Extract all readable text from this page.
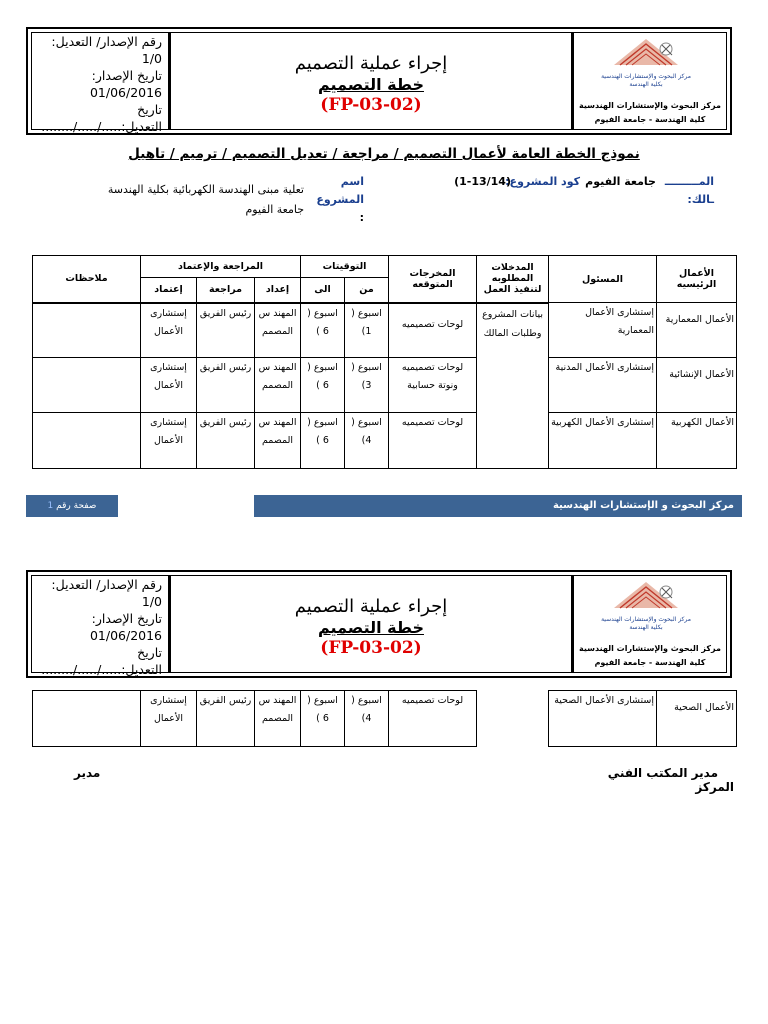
رقم الإصدار/ التعديل:
1/0
تاريخ الإصدار:
01/06/2016
تاريخ
التعديل:...../...../........
إجراء عملية التصميم
خطة التصميم
(FP-03-02)
مركز البحوث والإستشارات الهندسية بكلية الهندسة
مركز البحوث والإستشارات الهندسية
كلية الهندسة - جامعة الفيوم
نموذج الخطة العامة لأعمال التصميم / مراجعة / تعديل التصميم / ترميم / تاهيل
المـــــــــ
ـالك:
جامعة الفيوم
كود المشروع:
(1-13/14)
اسم
المشروع
:
تعلية مبنى الهندسة الكهربائية بكلية الهندسة
جامعة الفيوم
الأعمال الرئيسيه	المسئول	المدخلات المطلوبه لتنفيذ العمل	المخرجات المتوقعه	التوقيتات		المراجعة والإعتماد			ملاحظات
				من	الى	إعداد	مراجعة	إعتماد	
الأعمال المعمارية	إستشارى الأعمال المعمارية	بيانات المشروع وطلبات المالك	لوحات تصميميه	اسبوع ( 1)	اسبوع ( 6 )	المهند س المصمم	رئيس الفريق	إستشارى الأعمال	
الأعمال الإنشائية	إستشارى الأعمال المدنية		لوحات تصميميه ونوتة حسابية	اسبوع ( 3)	اسبوع ( 6 )	المهند س المصمم	رئيس الفريق	إستشارى الأعمال	
الأعمال الكهربية	إستشارى الأعمال الكهربية		لوحات تصميميه	اسبوع ( 4)	اسبوع ( 6 )	المهند س المصمم	رئيس الفريق	إستشارى الأعمال	
صفحة رقم 1	مركز البحوث و الإستشارات الهندسية
رقم الإصدار/ التعديل:
1/0
تاريخ الإصدار:
01/06/2016
تاريخ
التعديل:...../...../........
إجراء عملية التصميم
خطة التصميم
(FP-03-02)
مركز البحوث والإستشارات الهندسية بكلية الهندسة
مركز البحوث والإستشارات الهندسية
كلية الهندسة - جامعة الفيوم
الأعمال الصحية	إستشارى الأعمال الصحية		لوحات تصميميه	اسبوع ( 4)	اسبوع ( 6 )	المهند س المصمم	رئيس الفريق	إستشارى الأعمال	
مدير المكتب الفني
المركز
مدير
